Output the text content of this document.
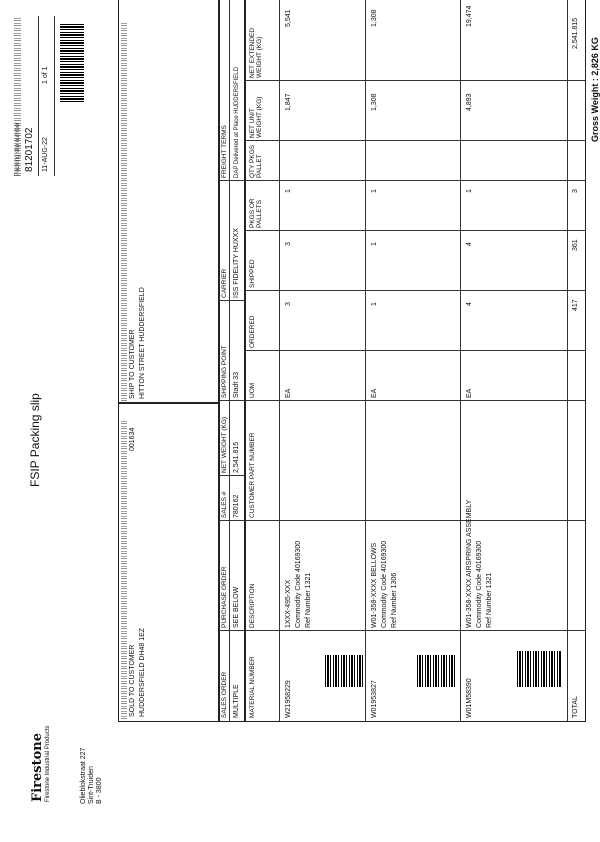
FSIP Packing slip
Firestone Firestone Industrial Products	Olieblokstraat 227 Sint-Truiden B - 3800
Packing slip number 81201702 11-AUG-22
1 of 1
SOLD TO CUSTOMER HUDDERSFIELD DH48 1EZ
001634
SHIP TO CUSTOMER HITTON STREET HUDDERSFIELD
SALES ORDER
PURCHASE ORDER
SALES #
NET WEIGHT (KG)
SHIPPING POINT
CARRIER
FREIGHT TERMS
MULTIPLE
SEE BELOW
780162
2,541.815
Stadt 33
ISS FIDELITY HUXXX
DAP Delivered at Place HUDDERSFIELD
MATERIAL NUMBER
DESCRIPTION
CUSTOMER PART NUMBER
UOM
ORDERED
SHIPPED
PKGS OR PALLETS
QTY PKGS PALLET
NET UNIT WEIGHT (KG)
NET EXTENDED WEIGHT (KG)
W21958229
1XXX-495-XXX Commodity Code 40169300 Ref Number 1321
EA
3
3
1
1,847
5,541
W01953827
W01-358-XXXX BELLOWS Commodity Code 40169300 Ref Number 1306
EA
1
1
1
1,308
1,308
W01M58390
W01-358-XXXX AIRSPRING ASSEMBLY Commodity Code 40169300 Ref Number 1321
EA
4
4
1
4,893
19,474
TOTAL
417
361
3
2,541.815
Gross Weight : 2,826 KG
